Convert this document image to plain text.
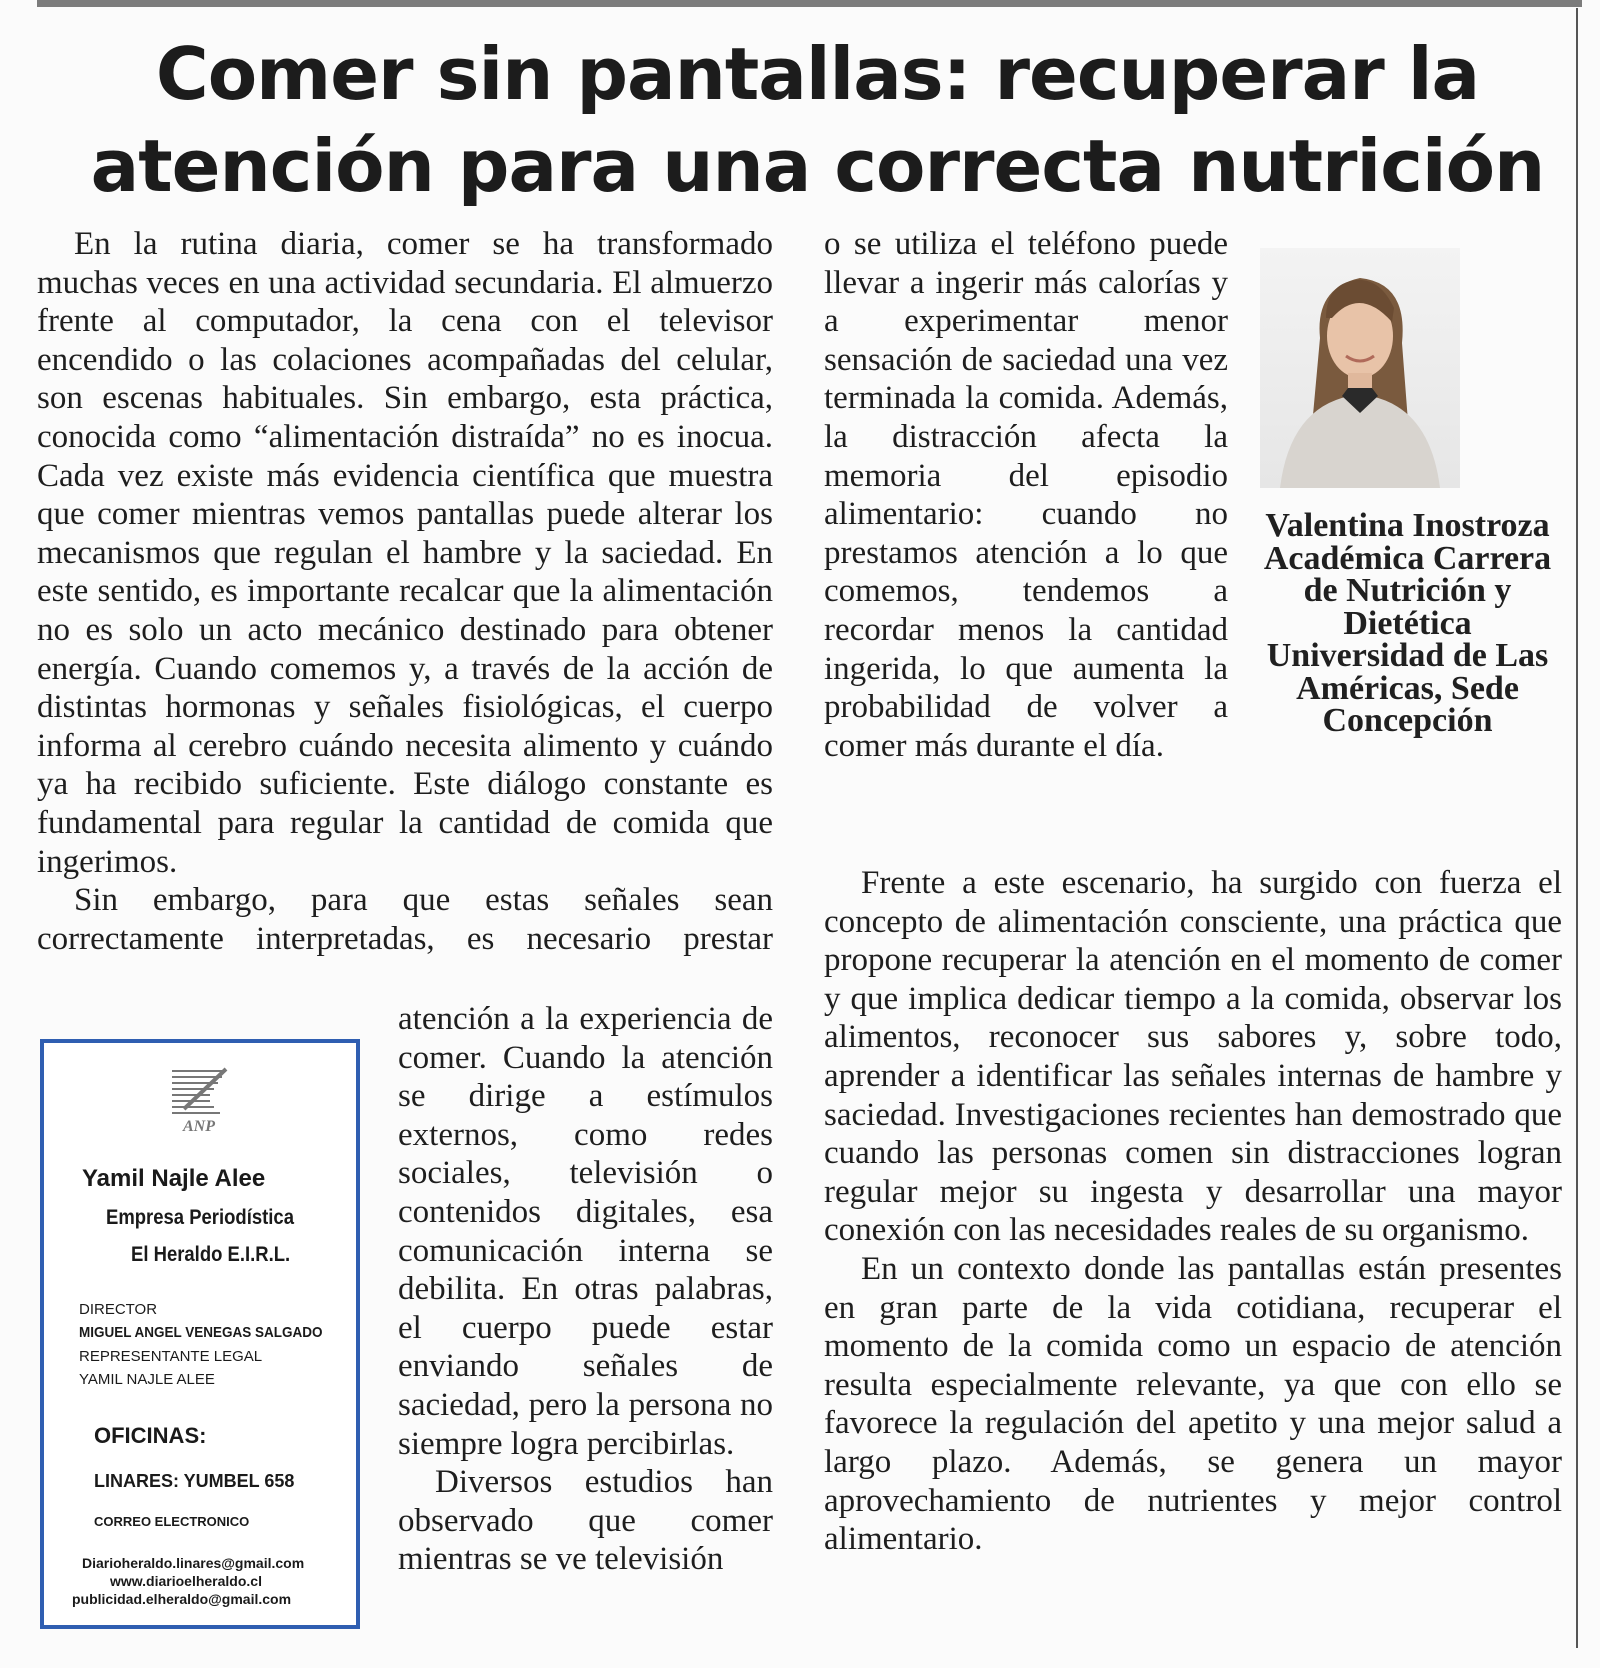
Comer sin pantallas: recuperar la atención para una correcta nutrición

En la rutina diaria, comer se ha transformado muchas veces en una actividad secundaria. El almuerzo frente al computador, la cena con el televisor encendido o las colaciones acompañadas del celular, son escenas habituales. Sin embargo, esta práctica, conocida como “alimentación distraída” no es inocua. Cada vez existe más evidencia científica que muestra que comer mientras vemos pantallas puede alterar los mecanismos que regulan el hambre y la saciedad. En este sentido, es importante recalcar que la alimentación no es solo un acto mecánico destinado para obtener energía. Cuando comemos y, a través de la acción de distintas hormonas y señales fisiológicas, el cuerpo informa al cerebro cuándo necesita alimento y cuándo ya ha recibido suficiente. Este diálogo constante es fundamental para regular la cantidad de comida que ingerimos.

Sin embargo, para que estas señales sean correctamente interpretadas, es necesario prestar

atención a la experiencia de comer. Cuando la atención se dirige a estímulos externos, como redes sociales, televisión o contenidos digitales, esa comunicación interna se debilita. En otras palabras, el cuerpo puede estar enviando señales de saciedad, pero la persona no siempre logra percibirlas.

Diversos estudios han observado que comer mientras se ve televisión

o se utiliza el teléfono puede llevar a ingerir más calorías y a experimentar menor sensación de saciedad una vez terminada la comida. Además, la distracción afecta la memoria del episodio alimentario: cuando no prestamos atención a lo que comemos, tendemos a recordar menos la cantidad ingerida, lo que aumenta la probabilidad de volver a comer más durante el día.

Frente a este escenario, ha surgido con fuerza el concepto de alimentación consciente, una práctica que propone recuperar la atención en el momento de comer y que implica dedicar tiempo a la comida, observar los alimentos, reconocer sus sabores y, sobre todo, aprender a identificar las señales internas de hambre y saciedad. Investigaciones recientes han demostrado que cuando las personas comen sin distracciones logran regular mejor su ingesta y desarrollar una mayor conexión con las necesidades reales de su organismo.

En un contexto donde las pantallas están presentes en gran parte de la vida cotidiana, recuperar el momento de la comida como un espacio de atención resulta especialmente relevante, ya que con ello se favorece la regulación del apetito y una mejor salud a largo plazo. Además, se genera un mayor aprovechamiento de nutrientes y mejor control alimentario.

Valentina Inostroza
Académica Carrera
de Nutrición y
Dietética
Universidad de Las
Américas, Sede
Concepción
ANP
Yamil Najle Alee
Empresa Periodística
El Heraldo E.I.R.L.
DIRECTOR
MIGUEL ANGEL VENEGAS SALGADO
REPRESENTANTE LEGAL
YAMIL NAJLE ALEE
OFICINAS:
LINARES: YUMBEL 658
CORREO ELECTRONICO
Diarioheraldo.linares@gmail.com
www.diarioelheraldo.cl
publicidad.elheraldo@gmail.com
